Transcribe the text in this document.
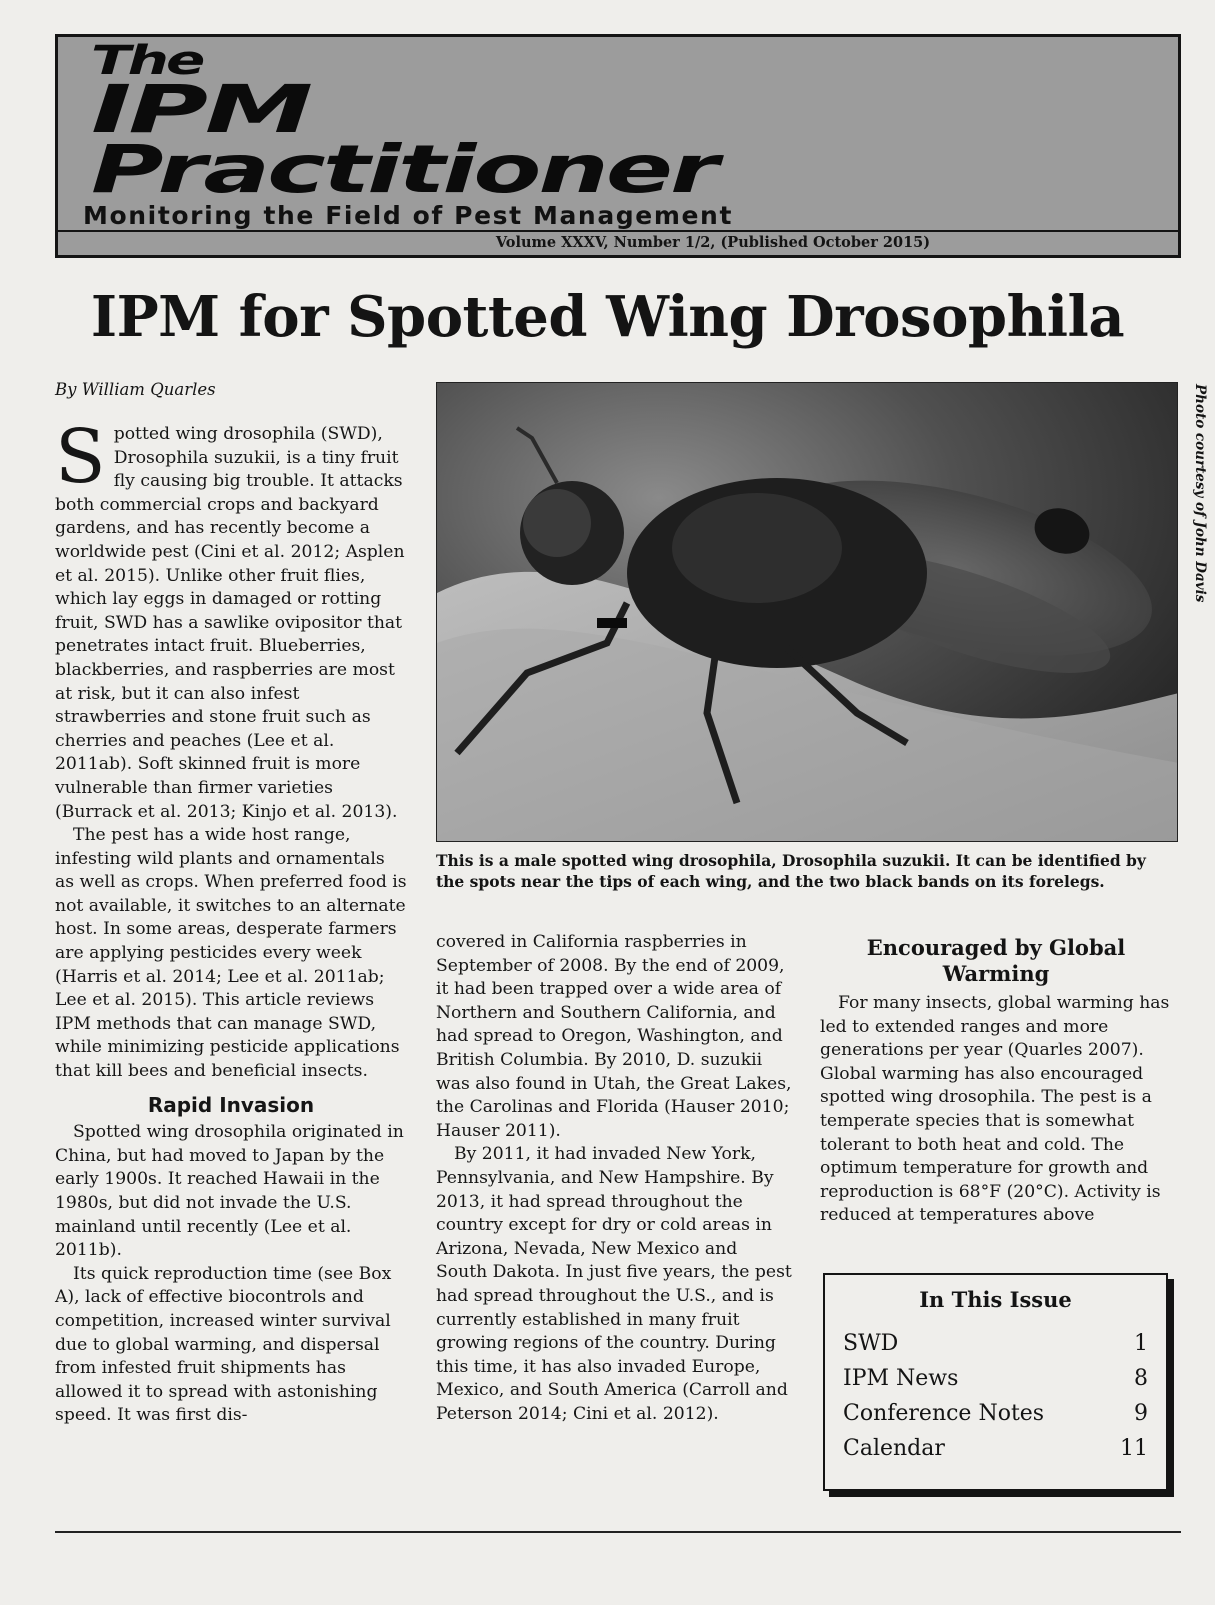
The
IPM
Practitioner
Monitoring the Field of Pest Management
Volume XXXV, Number 1/2, (Published October 2015)
IPM for Spotted Wing Drosophila
By William Quarles

Spotted wing drosophila (SWD), Drosophila suzukii, is a tiny fruit fly causing big trouble. It attacks both commercial crops and backyard gardens, and has recently become a worldwide pest (Cini et al. 2012; Asplen et al. 2015). Unlike other fruit flies, which lay eggs in damaged or rotting fruit, SWD has a sawlike ovipositor that penetrates intact fruit. Blueberries, blackberries, and raspberries are most at risk, but it can also infest strawberries and stone fruit such as cherries and peaches (Lee et al. 2011ab). Soft skinned fruit is more vulnerable than firmer varieties (Burrack et al. 2013; Kinjo et al. 2013).

The pest has a wide host range, infesting wild plants and ornamentals as well as crops. When preferred food is not available, it switches to an alternate host. In some areas, desperate farmers are applying pesticides every week (Harris et al. 2014; Lee et al. 2011ab; Lee et al. 2015). This article reviews IPM methods that can manage SWD, while minimizing pesticide applications that kill bees and beneficial insects.

Rapid Invasion

Spotted wing drosophila originated in China, but had moved to Japan by the early 1900s. It reached Hawaii in the 1980s, but did not invade the U.S. mainland until recently (Lee et al. 2011b).

Its quick reproduction time (see Box A), lack of effective biocontrols and competition, increased winter survival due to global warming, and dispersal from infested fruit shipments has allowed it to spread with astonishing speed. It was first dis-

Photo courtesy of John Davis
This is a male spotted wing drosophila, Drosophila suzukii. It can be identified by the spots near the tips of each wing, and the two black bands on its forelegs.

covered in California raspberries in September of 2008. By the end of 2009, it had been trapped over a wide area of Northern and Southern California, and had spread to Oregon, Washington, and British Columbia. By 2010, D. suzukii was also found in Utah, the Great Lakes, the Carolinas and Florida (Hauser 2010; Hauser 2011).

By 2011, it had invaded New York, Pennsylvania, and New Hampshire. By 2013, it had spread throughout the country except for dry or cold areas in Arizona, Nevada, New Mexico and South Dakota. In just five years, the pest had spread throughout the U.S., and is currently established in many fruit growing regions of the country. During this time, it has also invaded Europe, Mexico, and South America (Carroll and Peterson 2014; Cini et al. 2012).

Encouraged by Global Warming

For many insects, global warming has led to extended ranges and more generations per year (Quarles 2007). Global warming has also encouraged spotted wing drosophila. The pest is a temperate species that is somewhat tolerant to both heat and cold. The optimum temperature for growth and reproduction is 68°F (20°C). Activity is reduced at temperatures above

In This Issue
SWD	1
IPM News	8
Conference Notes	9
Calendar	11
